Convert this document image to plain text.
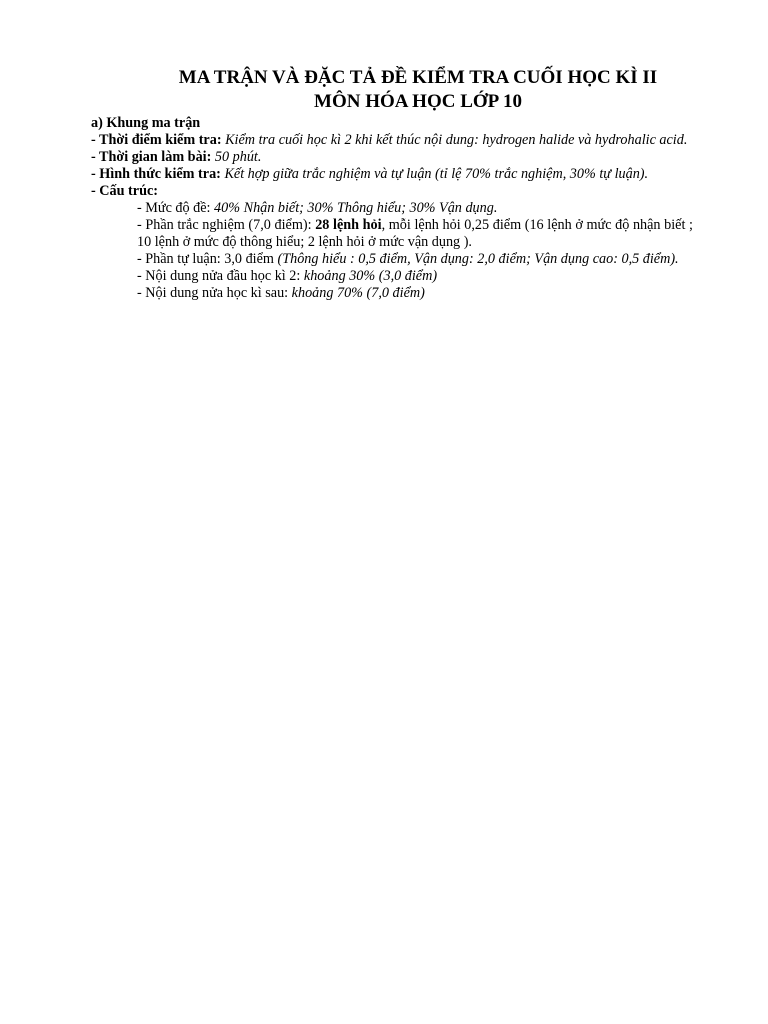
MA TRẬN VÀ ĐẶC TẢ ĐỀ KIỂM TRA CUỐI HỌC KÌ II
MÔN HÓA HỌC LỚP 10

a) Khung ma trận

- Thời điểm kiểm tra: Kiểm tra cuối học kì 2 khi kết thúc nội dung: hydrogen halide và hydrohalic acid.

- Thời gian làm bài: 50 phút.

- Hình thức kiểm tra: Kết hợp giữa trắc nghiệm và tự luận (tỉ lệ 70% trắc nghiệm, 30% tự luận).

- Cấu trúc:

- Mức độ đề: 40% Nhận biết; 30% Thông hiểu; 30% Vận dụng.

- Phần trắc nghiệm (7,0 điểm): 28 lệnh hỏi, mỗi lệnh hỏi 0,25 điểm (16 lệnh ở mức độ nhận biết ; 10 lệnh ở mức độ thông hiểu; 2 lệnh hỏi ở mức vận dụng ).

- Phần tự luận: 3,0 điểm (Thông hiểu : 0,5 điểm, Vận dụng: 2,0 điểm; Vận dụng cao: 0,5 điểm).

- Nội dung nửa đầu học kì 2: khoảng 30% (3,0 điểm)

- Nội dung nửa học kì sau: khoảng 70% (7,0 điểm)
